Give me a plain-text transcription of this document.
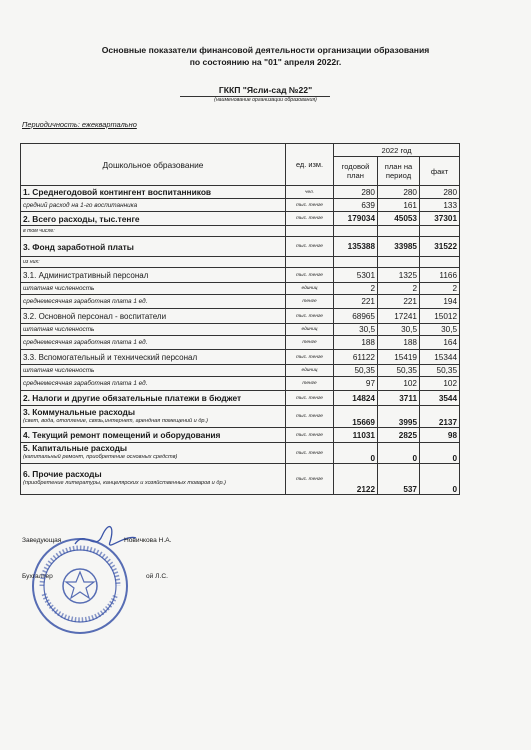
Основные показатели финансовой деятельности организации образования
по состоянию на "01" апреля 2022г.
ГККП "Ясли-сад №22"
(наименование организации образования)
Периодичность: ежеквартально
Дошкольное образование	ед. изм.	2022 год		
		годовой план	план на период	факт
1. Среднегодовой контингент воспитанников	чел.	280	280	280
средний расход на 1-го воспитанника	тыс. тенге	639	161	133
2. Всего расходы, тыс.тенге	тыс. тенге	179034	45053	37301
в том числе:				
3. Фонд заработной платы	тыс. тенге	135388	33985	31522
из них:				
3.1. Административный персонал	тыс. тенге	5301	1325	1166
штатная численность	единиц	2	2	2
среднемесячная заработная плата 1 ед.	тенге	221	221	194
3.2. Основной персонал - воспитатели	тыс. тенге	68965	17241	15012
штатная численность	единиц	30,5	30,5	30,5
среднемесячная заработная плата 1 ед.	тенге	188	188	164
3.3. Вспомогательный и технический персонал	тыс. тенге	61122	15419	15344
штатная численность	единиц	50,35	50,35	50,35
среднемесячная заработная плата 1 ед.	тенге	97	102	102
2. Налоги и другие обязательные платежи в бюджет	тыс. тенге	14824	3711	3544

3. Коммунальные расходы
(свет, вода, отопление, связь,интернет, арендная помещений и др.)	тыс. тенге	15669	3995	2137
4. Текущий ремонт помещений и оборудования	тыс. тенге	11031	2825	98

5. Капитальные расходы
(капитальный ремонт, приобретение основных средств)	тыс. тенге	0	0	0

6. Прочие расходы
(приобретение литературы, канцелярских и хозяйственных товаров и др.)	тыс. тенге	2122	537	0
Заведующая	Новичкова Н.А.
Бухгалтер	ой Л.С.
